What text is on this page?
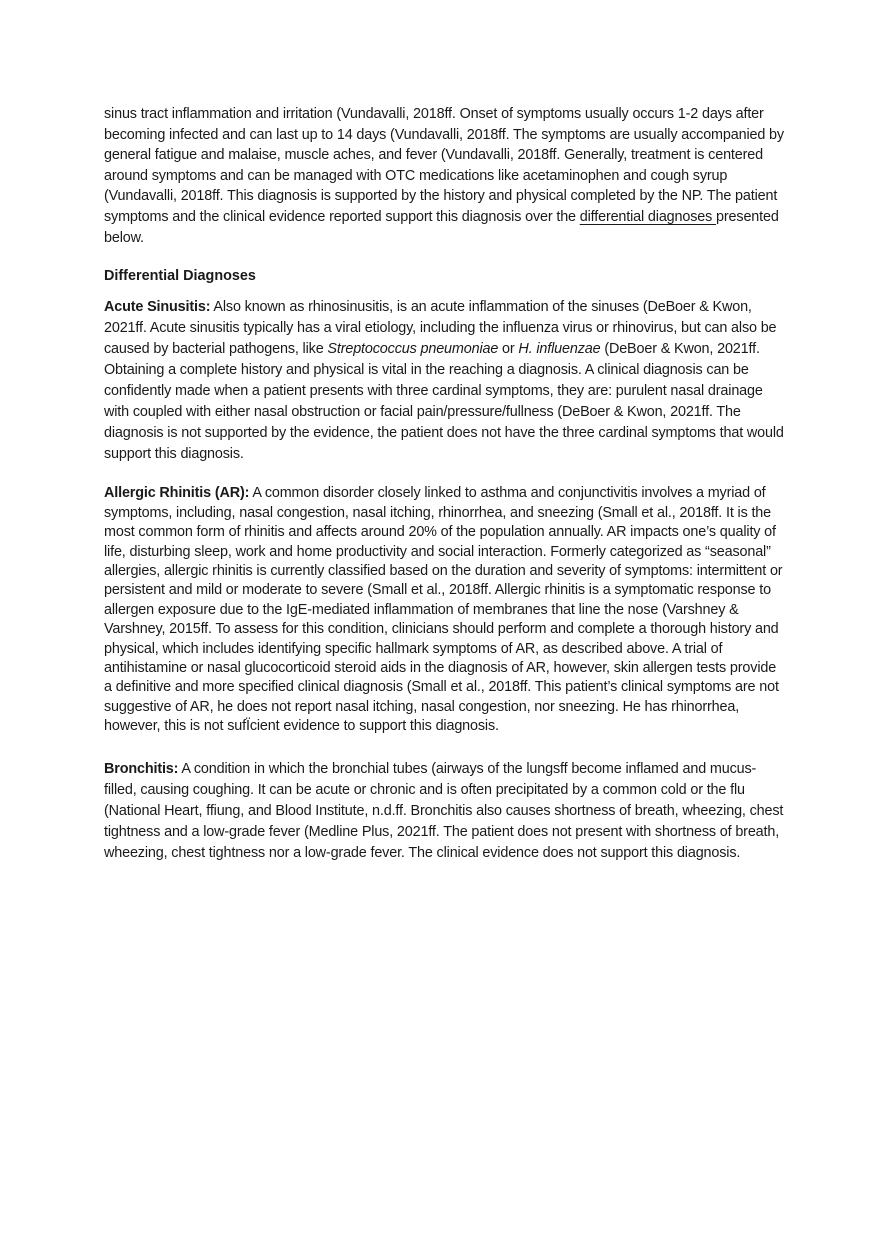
sinus tract inflammation and irritation (Vundavalli, 2018ff. Onset of symptoms usually occurs 1-2 days after becoming infected and can last up to 14 days (Vundavalli, 2018ff. The symptoms are usually accompanied by general fatigue and malaise, muscle aches, and fever (Vundavalli, 2018ff. Generally, treatment is centered around symptoms and can be managed with OTC medications like acetaminophen and cough syrup (Vundavalli, 2018ff. This diagnosis is supported by the history and physical completed by the NP. The patient symptoms and the clinical evidence reported support this diagnosis over the differential diagnoses presented below.

Differential Diagnoses

Acute Sinusitis: Also known as rhinosinusitis, is an acute inflammation of the sinuses (DeBoer & Kwon, 2021ff. Acute sinusitis typically has a viral etiology, including the influenza virus or rhinovirus, but can also be caused by bacterial pathogens, like Streptococcus pneumoniae or H. influenzae (DeBoer & Kwon, 2021ff. Obtaining a complete history and physical is vital in the reaching a diagnosis. A clinical diagnosis can be confidently made when a patient presents with three cardinal symptoms, they are: purulent nasal drainage with coupled with either nasal obstruction or facial pain/pressure/fullness (DeBoer & Kwon, 2021ff. The diagnosis is not supported by the evidence, the patient does not have the three cardinal symptoms that would support this diagnosis.

Allergic Rhinitis (AR): A common disorder closely linked to asthma and conjunctivitis involves a myriad of symptoms, including, nasal congestion, nasal itching, rhinorrhea, and sneezing (Small et al., 2018ff. It is the most common form of rhinitis and affects around 20% of the population annually. AR impacts one’s quality of life, disturbing sleep, work and home productivity and social interaction. Formerly categorized as “seasonal” allergies, allergic rhinitis is currently classified based on the duration and severity of symptoms: intermittent or persistent and mild or moderate to severe (Small et al., 2018ff. Allergic rhinitis is a symptomatic response to allergen exposure due to the IgE-mediated inflammation of membranes that line the nose (Varshney & Varshney, 2015ff. To assess for this condition, clinicians should perform and complete a thorough history and physical, which includes identifying specific hallmark symptoms of AR, as described above. A trial of antihistamine or nasal glucocorticoid steroid aids in the diagnosis of AR, however, skin allergen tests provide a definitive and more specified clinical diagnosis (Small et al., 2018ff. This patient’s clinical symptoms are not suggestive of AR, he does not report nasal itching, nasal congestion, nor sneezing. He has rhinorrhea, however, this is not sufÏcient evidence to support this diagnosis.

Bronchitis: A condition in which the bronchial tubes (airways of the lungsff become inflamed and mucus-filled, causing coughing. It can be acute or chronic and is often precipitated by a common cold or the flu (National Heart, ffiung, and Blood Institute, n.d.ff. Bronchitis also causes shortness of breath, wheezing, chest tightness and a low-grade fever (Medline Plus, 2021ff. The patient does not present with shortness of breath, wheezing, chest tightness nor a low-grade fever. The clinical evidence does not support this diagnosis.
